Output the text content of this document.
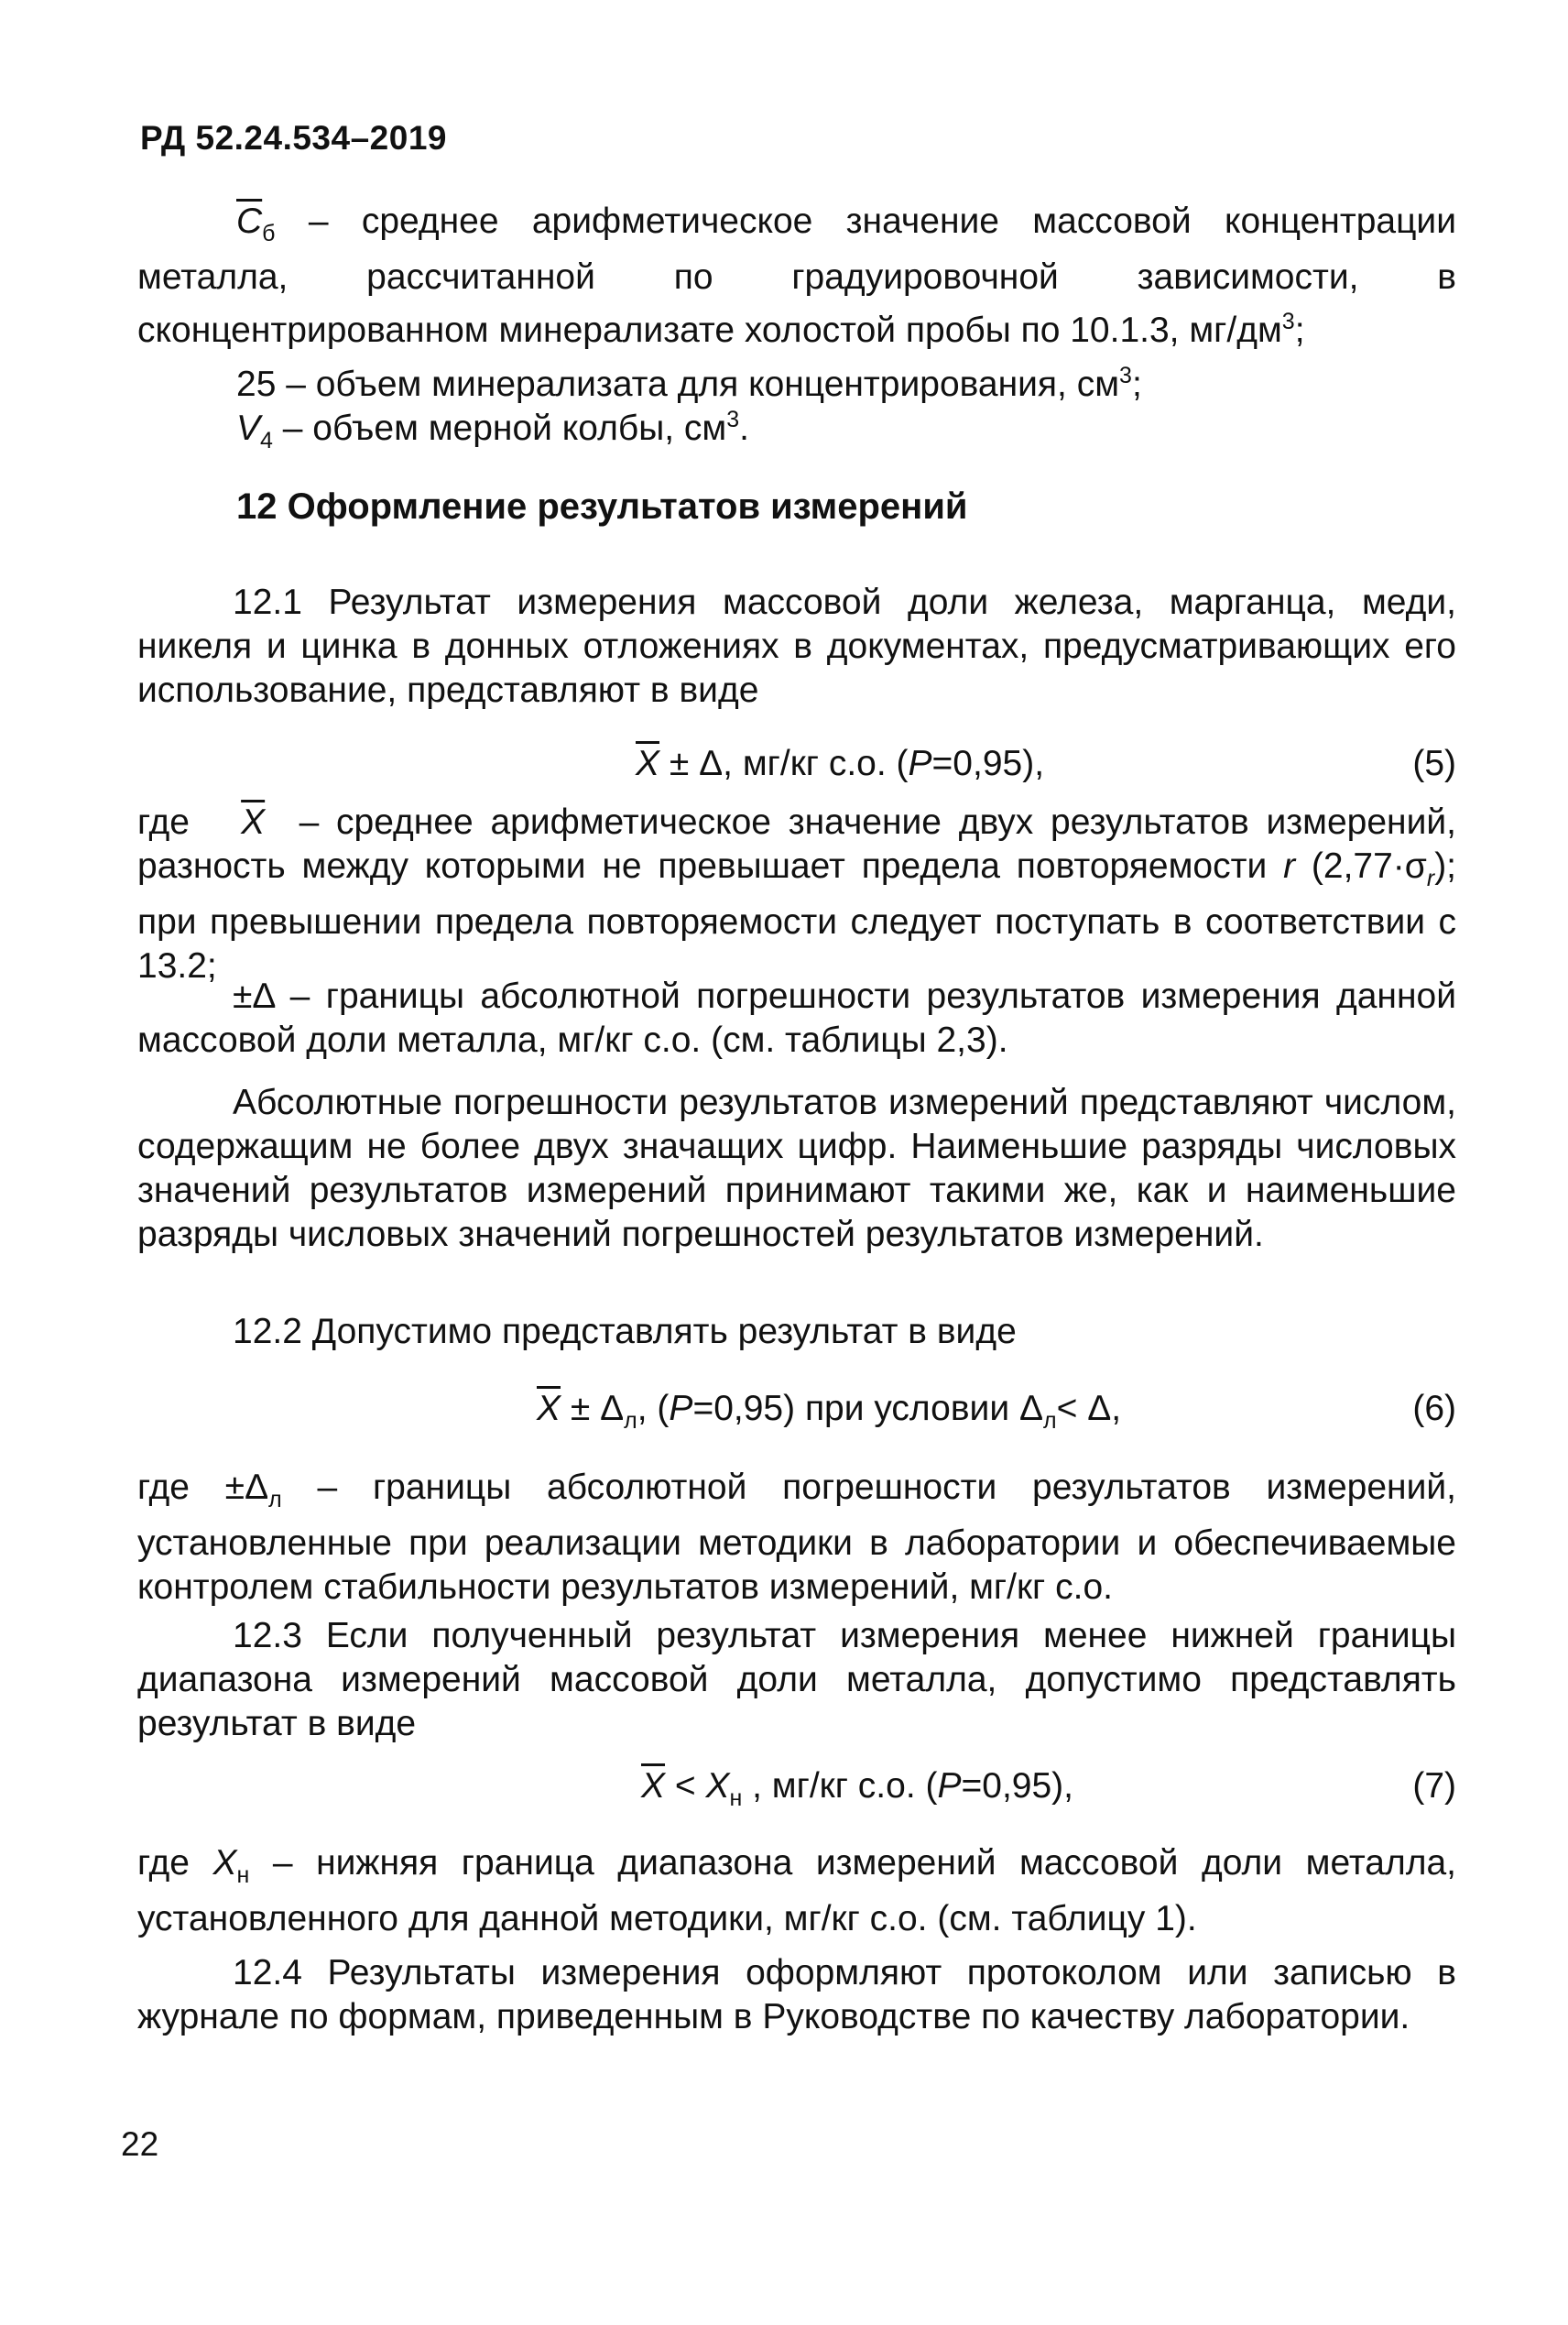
РД 52.24.534–2019
$\overline{C}_б$ – среднее арифметическое значение массовой концентрации металла, рассчитанной по градуировочной зависимости, в сконцентрированном минерализате холостой пробы по 10.1.3, $мг/дм^3$;
25 – объем минерализата для концентрирования, $см^3$;
$V_4$ – объем мерной колбы, $см^3$.
12 Оформление результатов измерений
12.1 Результат измерения массовой доли железа, марганца, меди, никеля и цинка в донных отложениях в документах, предусматривающих его использование, представляют в виде
$\overline{X} \pm \Delta$, мг/кг с.о. (P=0,95),	(5)
где $\overline{X}$ – среднее арифметическое значение двух результатов измерений, разность между которыми не превышает предела повторяемости r $(2,77\cdot\sigma_r)$; при превышении предела повторяемости следует поступать в соответствии с 13.2;
±Δ – границы абсолютной погрешности результатов измерения данной массовой доли металла, мг/кг с.о. (см. таблицы 2,3).
Абсолютные погрешности результатов измерений представляют числом, содержащим не более двух значащих цифр. Наименьшие разряды числовых значений результатов измерений принимают такими же, как и наименьшие разряды числовых значений погрешностей результатов измерений.
12.2 Допустимо представлять результат в виде
$\overline{X} \pm \Delta_л$, (P=0,95) при условии $\Delta_л< \Delta$,	(6)
где $\pm\Delta_л$ – границы абсолютной погрешности результатов измерений, установленные при реализации методики в лаборатории и обеспечиваемые контролем стабильности результатов измерений, мг/кг с.о.
12.3 Если полученный результат измерения менее нижней границы диапазона измерений массовой доли металла, допустимо представлять результат в виде
$\overline{X} < X_н$ , мг/кг с.о. (P=0,95),	(7)
где $X_н$ – нижняя граница диапазона измерений массовой доли металла, установленного для данной методики, мг/кг с.о. (см. таблицу 1).
12.4 Результаты измерения оформляют протоколом или записью в журнале по формам, приведенным в Руководстве по качеству лаборатории.
22
